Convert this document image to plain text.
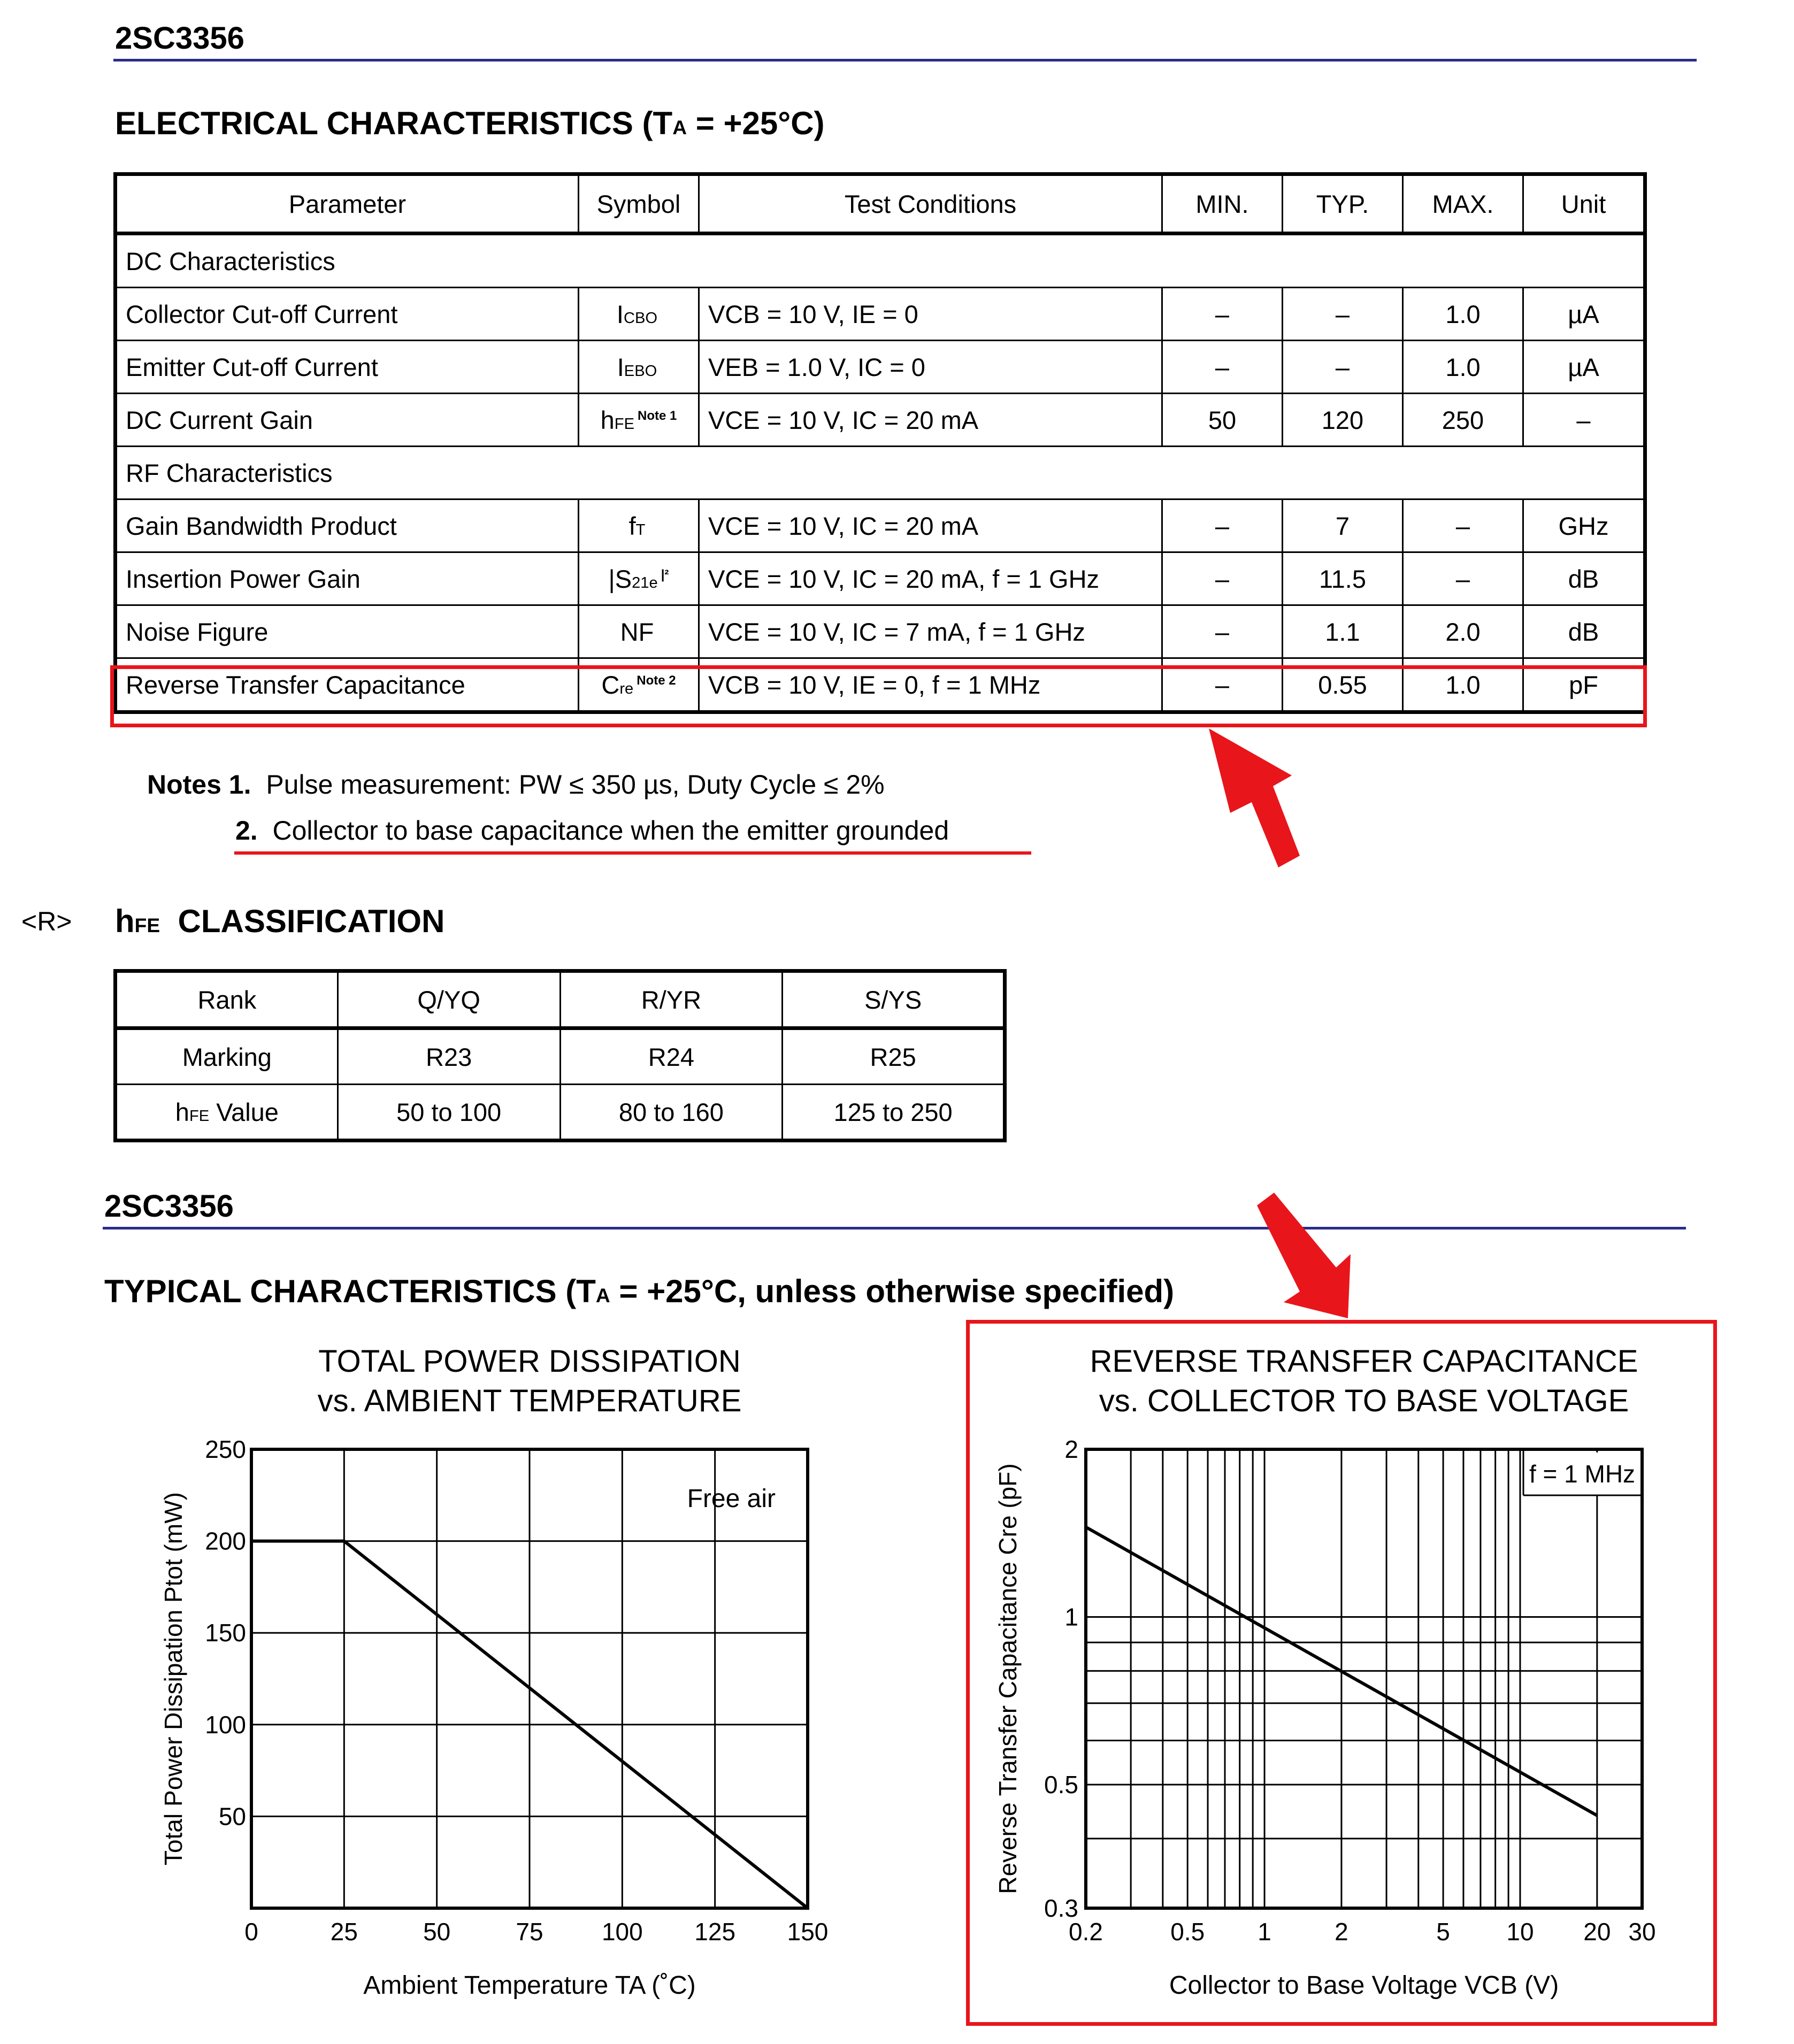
2SC3356
ELECTRICAL CHARACTERISTICS (TA = +25°C)
Parameter	Symbol	Test Conditions	MIN.	TYP.	MAX.	Unit
DC Characteristics						
Collector Cut-off Current	ICBO	VCB = 10 V, IE = 0	–	–	1.0	µA
Emitter Cut-off Current	IEBO	VEB = 1.0 V, IC = 0	–	–	1.0	µA
DC Current Gain	hFE $^{Note 1}$	VCE = 10 V, IC = 20 mA	50	120	250	–
RF Characteristics						
Gain Bandwidth Product	fT	VCE = 10 V, IC = 20 mA	–	7	–	GHz
Insertion Power Gain	|S21e $^{|^2}$	VCE = 10 V, IC = 20 mA, f = 1 GHz	–	11.5	–	dB
Noise Figure	NF	VCE = 10 V, IC = 7 mA, f = 1 GHz	–	1.1	2.0	dB
Reverse Transfer Capacitance	Cre $^{Note 2}$	VCB = 10 V, IE = 0, f = 1 MHz	–	0.55	1.0	pF
Notes 1. Pulse measurement: PW ≤ 350 µs, Duty Cycle ≤ 2%
2. Collector to base capacitance when the emitter grounded
<R> hFE CLASSIFICATION
Rank	Q/YQ	R/YR	S/YS
Marking	R23	R24	R25
hFE Value	50 to 100	80 to 160	125 to 250
2SC3356
TYPICAL CHARACTERISTICS (TA = +25°C, unless otherwise specified)
TOTAL POWER DISSIPATION
vs. AMBIENT TEMPERATURE
0	25	50	75 100 125 150
50
100
150
200
250
Free air
Ambient Temperature TA (˚C)
Total Power Dissipation Ptot (mW)
REVERSE TRANSFER CAPACITANCE
vs. COLLECTOR TO BASE VOLTAGE
0.2	0.5 1	2	5 10 20 30
0.3
0.5
1
2
f = 1 MHz
Collector to Base Voltage VCB (V)
Reverse Transfer Capacitance Cre (pF)
